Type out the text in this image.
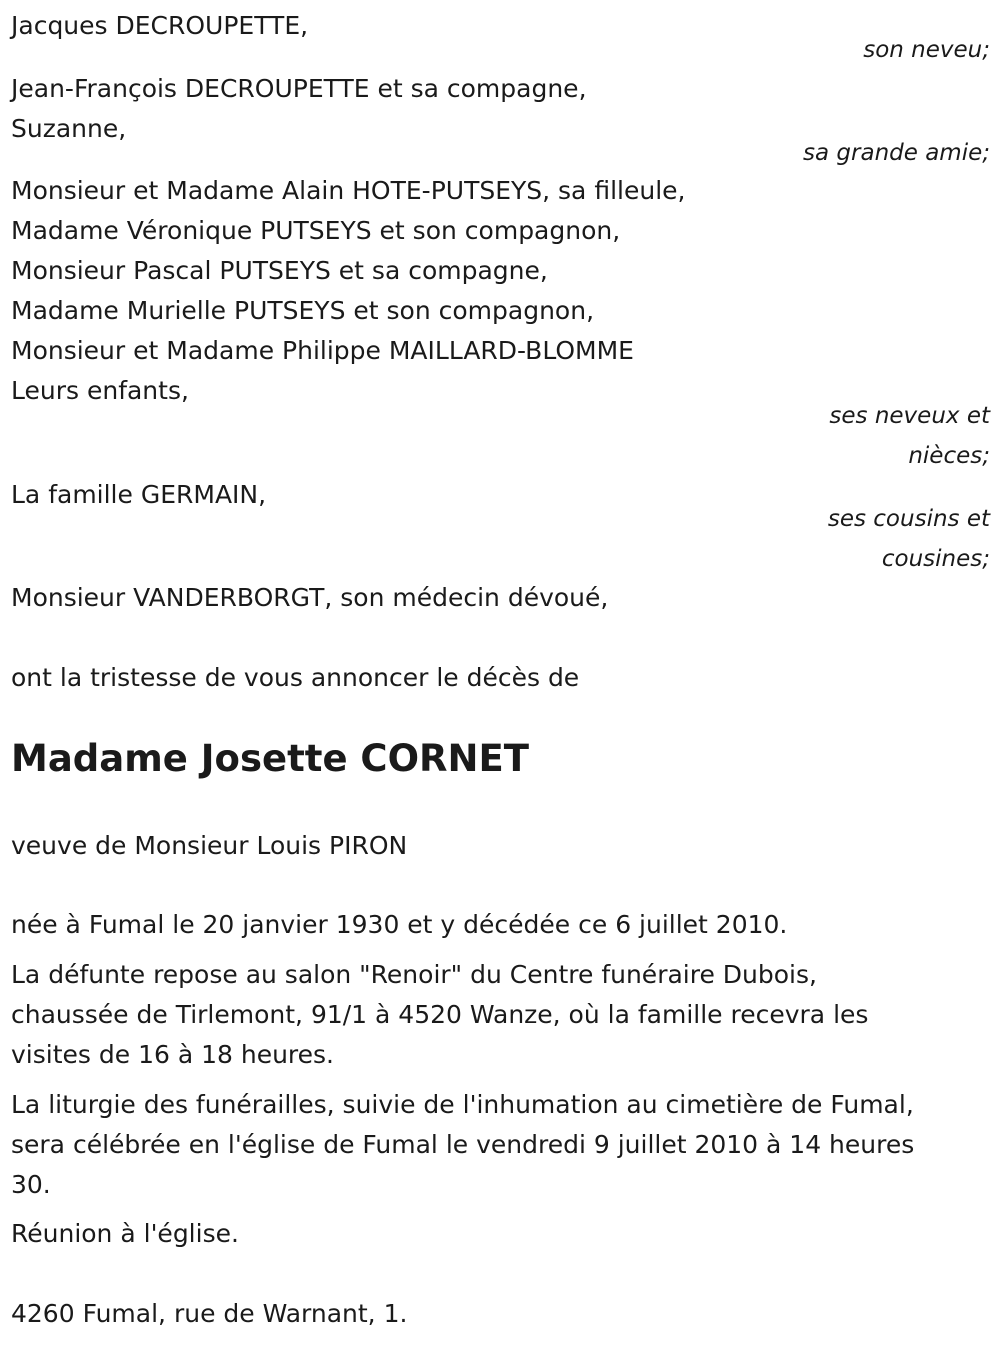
Jacques DECROUPETTE,

son neveu;

Jean-François DECROUPETTE et sa compagne,

Suzanne,

sa grande amie;

Monsieur et Madame Alain HOTE-PUTSEYS, sa filleule,

Madame Véronique PUTSEYS et son compagnon,

Monsieur Pascal PUTSEYS et sa compagne,

Madame Murielle PUTSEYS et son compagnon,

Monsieur et Madame Philippe MAILLARD-BLOMME

Leurs enfants,

ses neveux et

nièces;

La famille GERMAIN,

ses cousins et

cousines;

Monsieur VANDERBORGT, son médecin dévoué,

ont la tristesse de vous annoncer le décès de

Madame Josette CORNET

veuve de Monsieur Louis PIRON

née à Fumal le 20 janvier 1930 et y décédée ce 6 juillet 2010.

La défunte repose au salon "Renoir" du Centre funéraire Dubois,

chaussée de Tirlemont, 91/1 à 4520 Wanze, où la famille recevra les

visites de 16 à 18 heures.

La liturgie des funérailles, suivie de l'inhumation au cimetière de Fumal,

sera célébrée en l'église de Fumal le vendredi 9 juillet 2010 à 14 heures

30.

Réunion à l'église.

4260 Fumal, rue de Warnant, 1.
